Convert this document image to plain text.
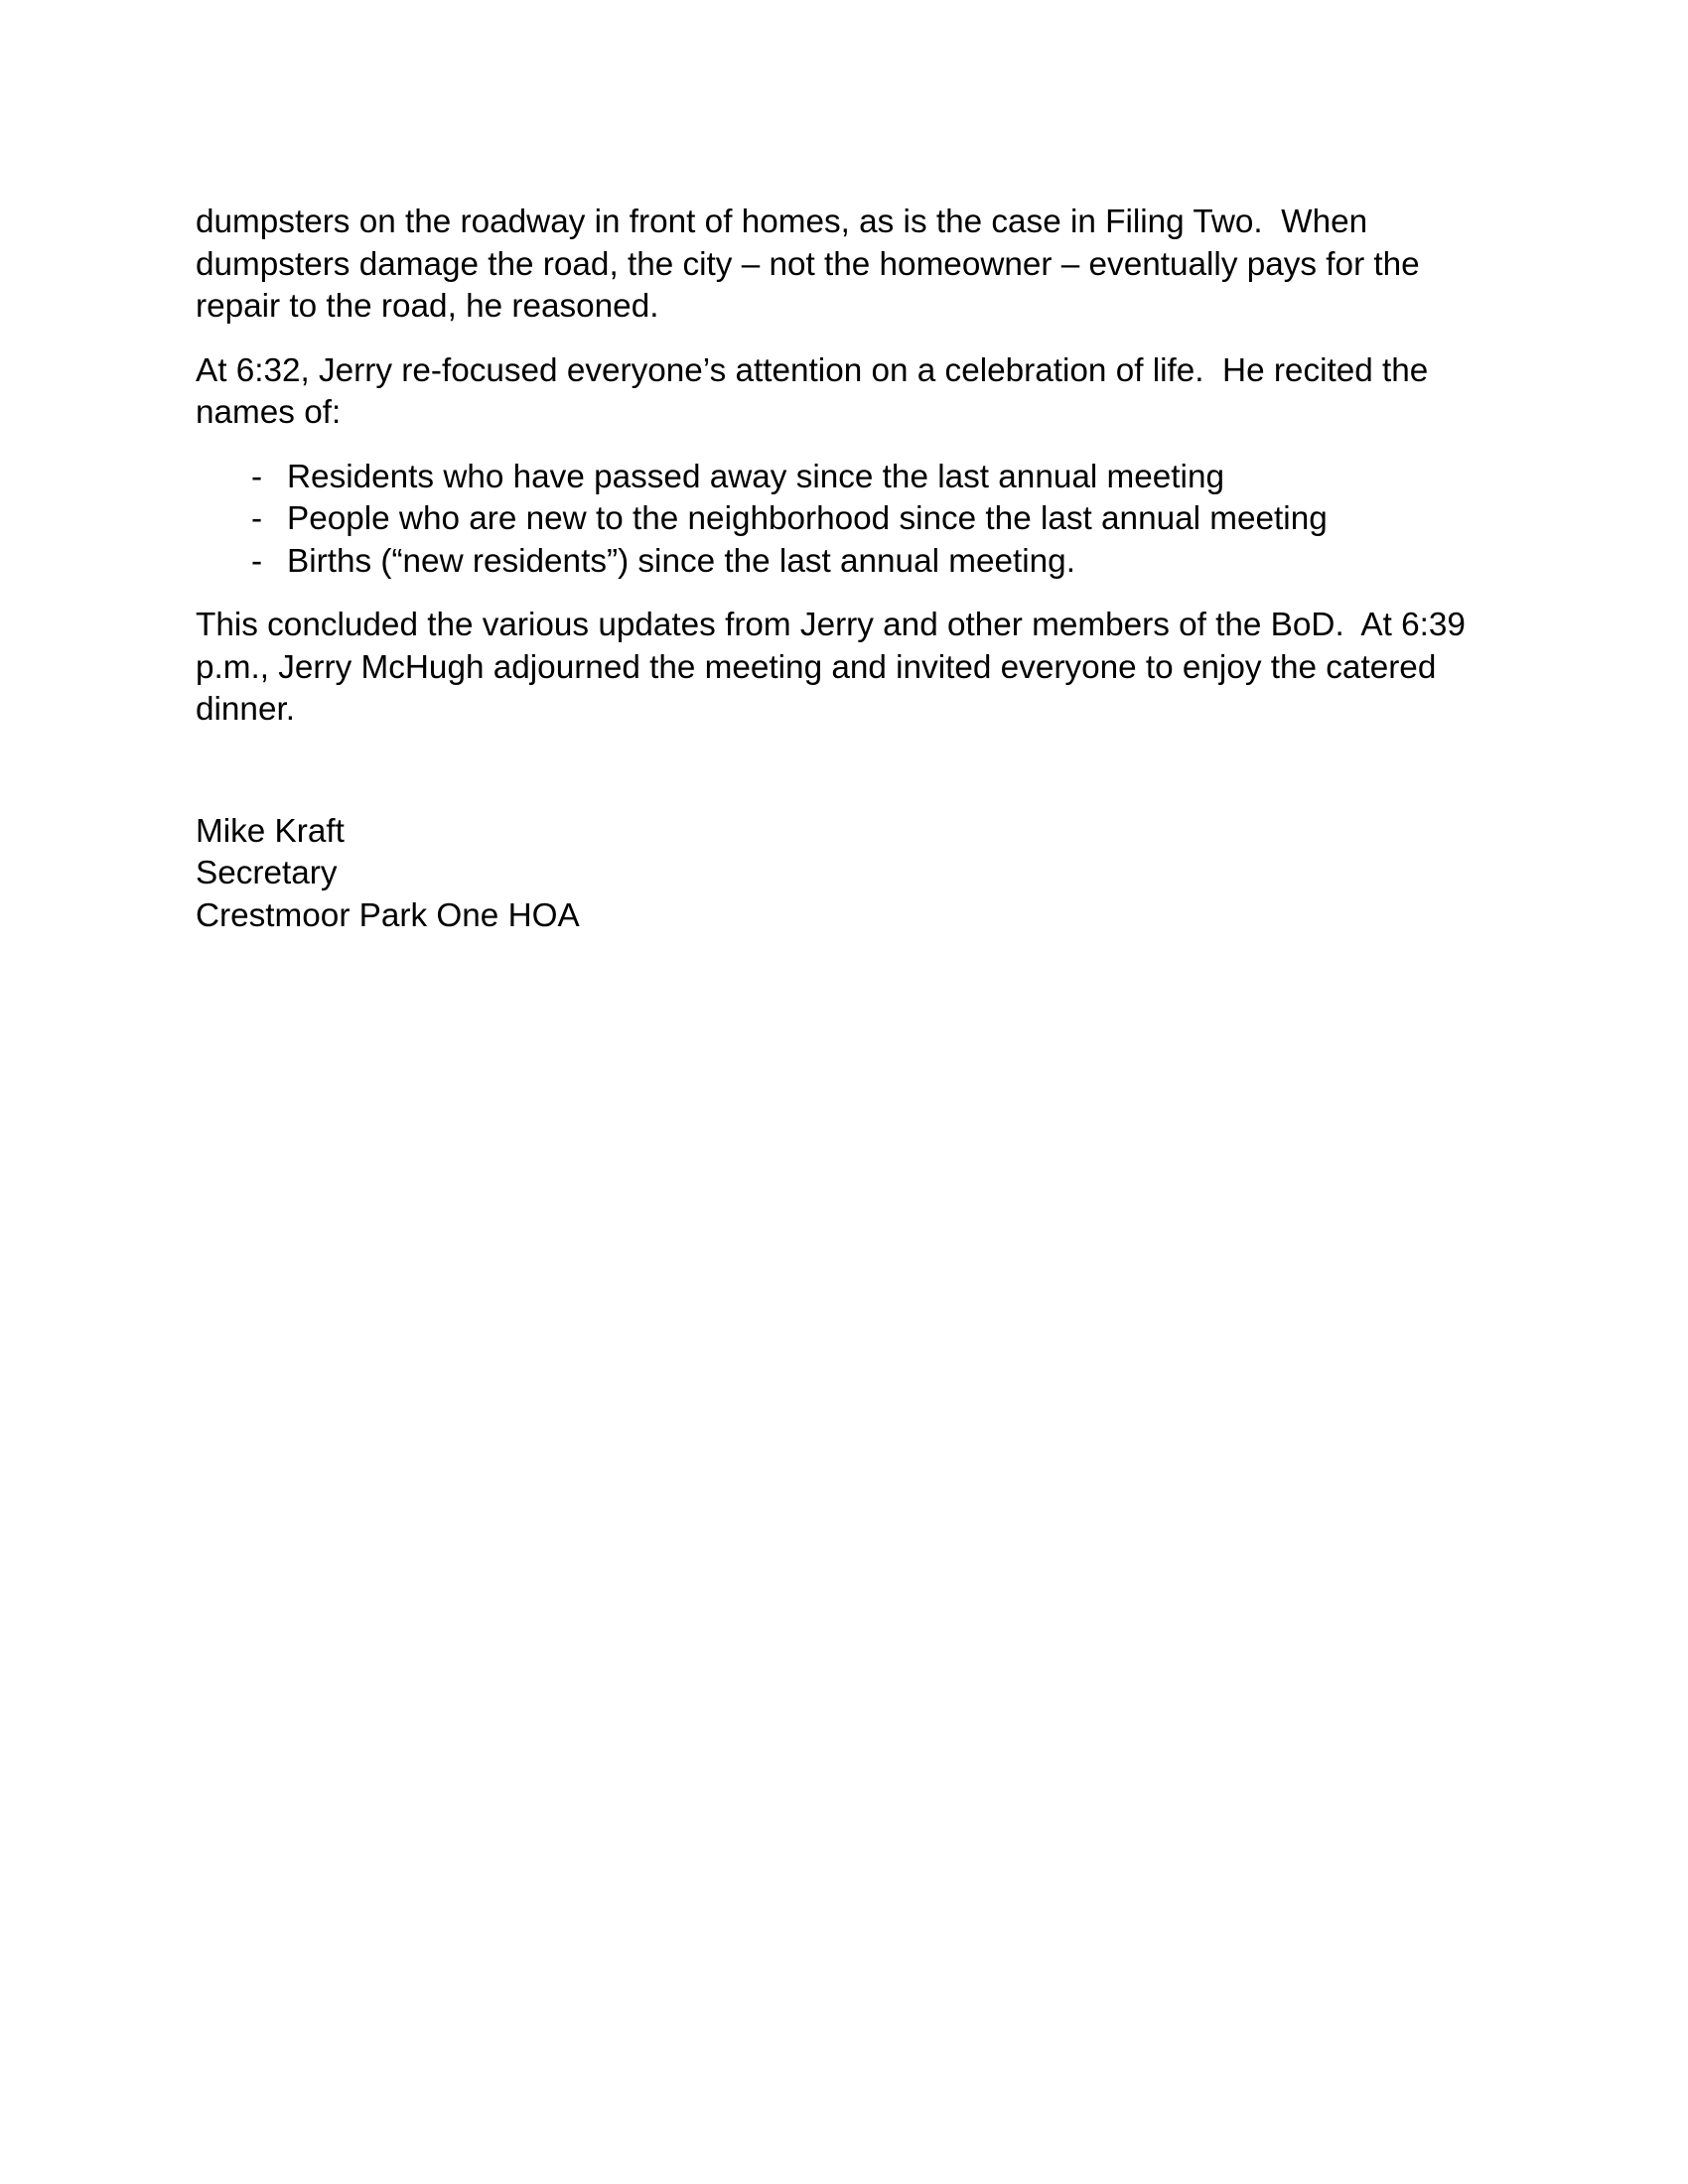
dumpsters on the roadway in front of homes, as is the case in Filing Two.  When dumpsters damage the road, the city – not the homeowner – eventually pays for the repair to the road, he reasoned.

At 6:32, Jerry re-focused everyone’s attention on a celebration of life.  He recited the names of:

- Residents who have passed away since the last annual meeting
- People who are new to the neighborhood since the last annual meeting
- Births (“new residents”) since the last annual meeting.

This concluded the various updates from Jerry and other members of the BoD.  At 6:39 p.m., Jerry McHugh adjourned the meeting and invited everyone to enjoy the catered dinner.

Mike Kraft

Secretary

Crestmoor Park One HOA
